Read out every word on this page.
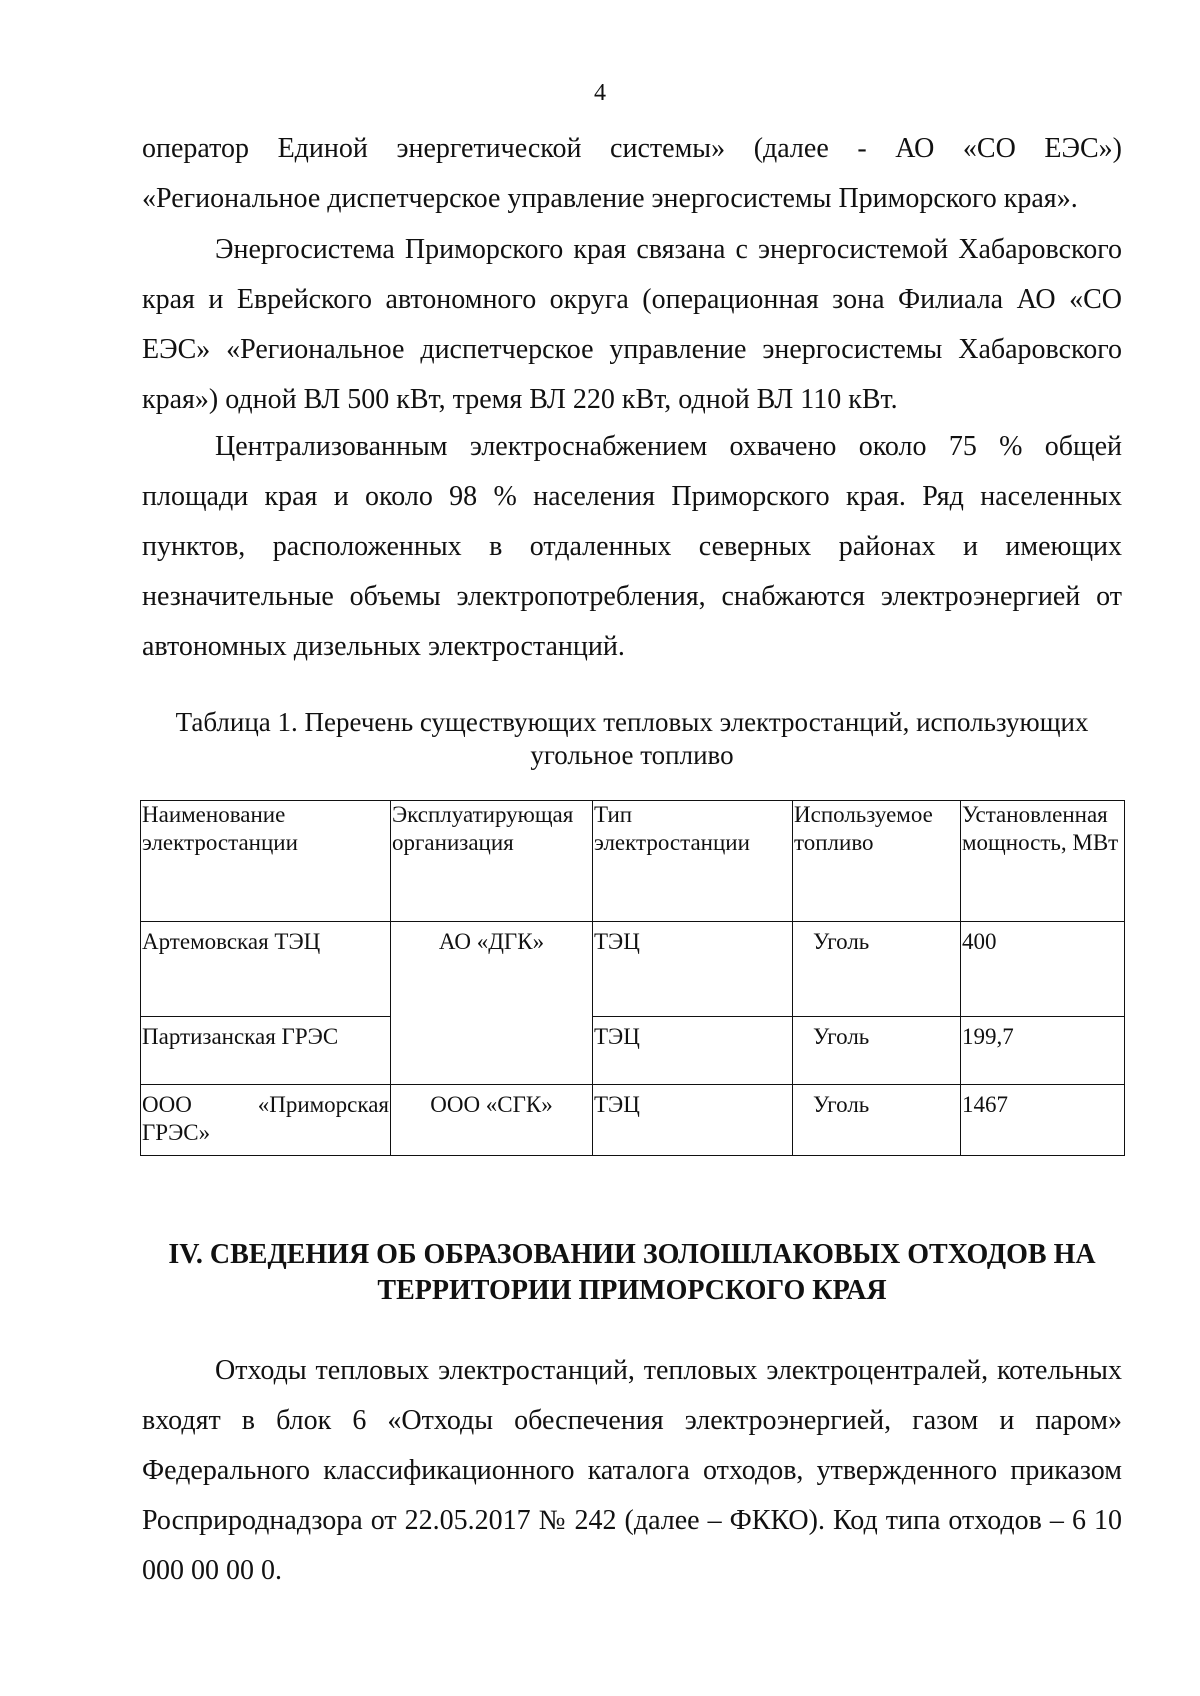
4
оператор Единой энергетической системы» (далее - АО «СО ЕЭС»)
«Региональное диспетчерское управление энергосистемы Приморского края».

Энергосистема Приморского края связана с энергосистемой Хабаровского края и Еврейского автономного округа (операционная зона Филиала АО «СО ЕЭС» «Региональное диспетчерское управление энергосистемы Хабаровского края») одной ВЛ 500 кВт, тремя ВЛ 220 кВт, одной ВЛ 110 кВт.

Централизованным электроснабжением охвачено около 75 % общей площади края и около 98 % населения Приморского края. Ряд населенных пунктов, расположенных в отдаленных северных районах и имеющих незначительные объемы электропотребления, снабжаются электроэнергией от автономных дизельных электростанций.

Таблица 1. Перечень существующих тепловых электростанций, использующих
угольное топливо
Наименование электростанции	Эксплуатирующая организация	Тип электростанции	Используемое топливо	Установленная мощность, МВт
Артемовская ТЭЦ	АО «ДГК»	ТЭЦ	Уголь	400
Партизанская ГРЭС		ТЭЦ	Уголь	199,7

ООО «Приморская
ГРЭС»	ООО «СГК»	ТЭЦ	Уголь	1467
IV. СВЕДЕНИЯ ОБ ОБРАЗОВАНИИ ЗОЛОШЛАКОВЫХ ОТХОДОВ НА
ТЕРРИТОРИИ ПРИМОРСКОГО КРАЯ

Отходы тепловых электростанций, тепловых электроцентралей, котельных входят в блок 6 «Отходы обеспечения электроэнергией, газом и паром» Федерального классификационного каталога отходов, утвержденного приказом Росприроднадзора от 22.05.2017 № 242 (далее – ФККО). Код типа отходов – 6 10 000 00 00 0.
